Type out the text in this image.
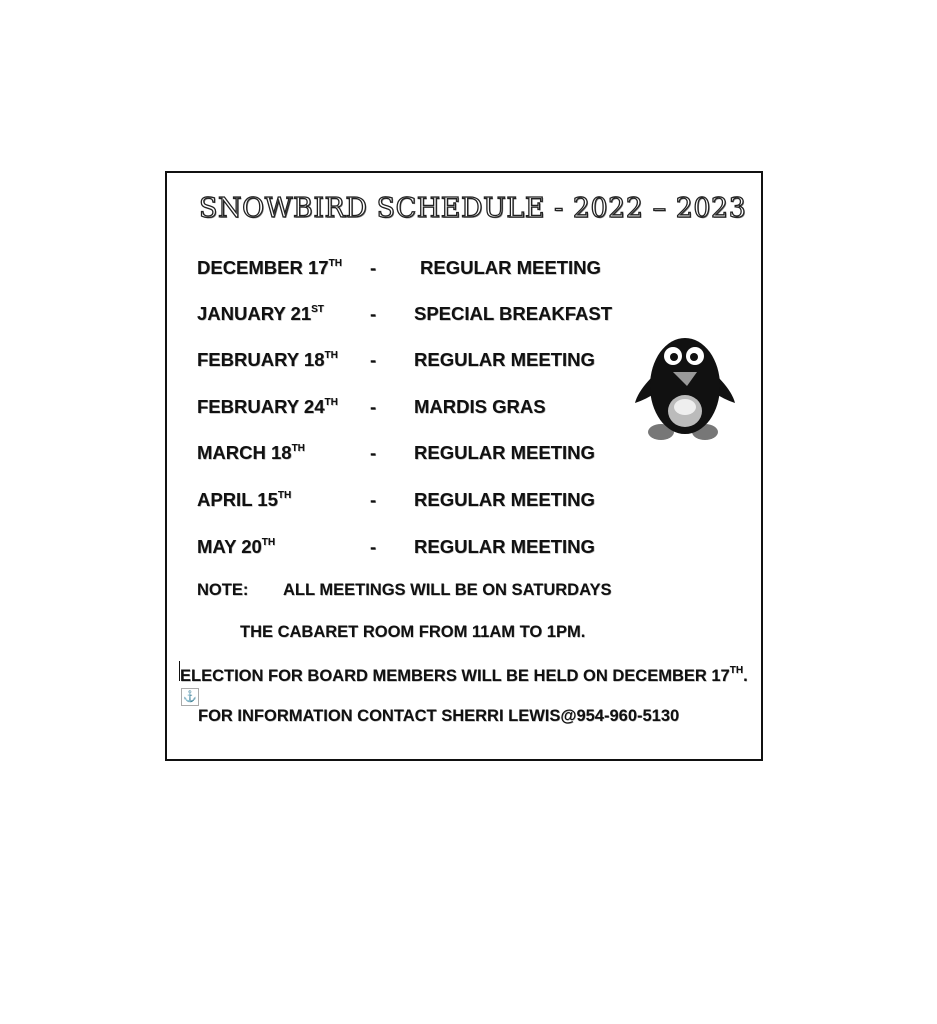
SNOWBIRD SCHEDULE - 2022 – 2023
DECEMBER 17TH - REGULAR MEETING
JANUARY 21ST - SPECIAL BREAKFAST
FEBRUARY 18TH - REGULAR MEETING
FEBRUARY 24TH - MARDIS GRAS
MARCH 18TH	- REGULAR MEETING
APRIL 15TH	- REGULAR MEETING
MAY 20TH	- REGULAR MEETING
NOTE: ALL MEETINGS WILL BE ON SATURDAYS
THE CABARET ROOM FROM 11AM TO 1PM.
ELECTION FOR BOARD MEMBERS WILL BE HELD ON DECEMBER 17TH.
⚓
FOR INFORMATION CONTACT SHERRI LEWIS@954-960-5130
